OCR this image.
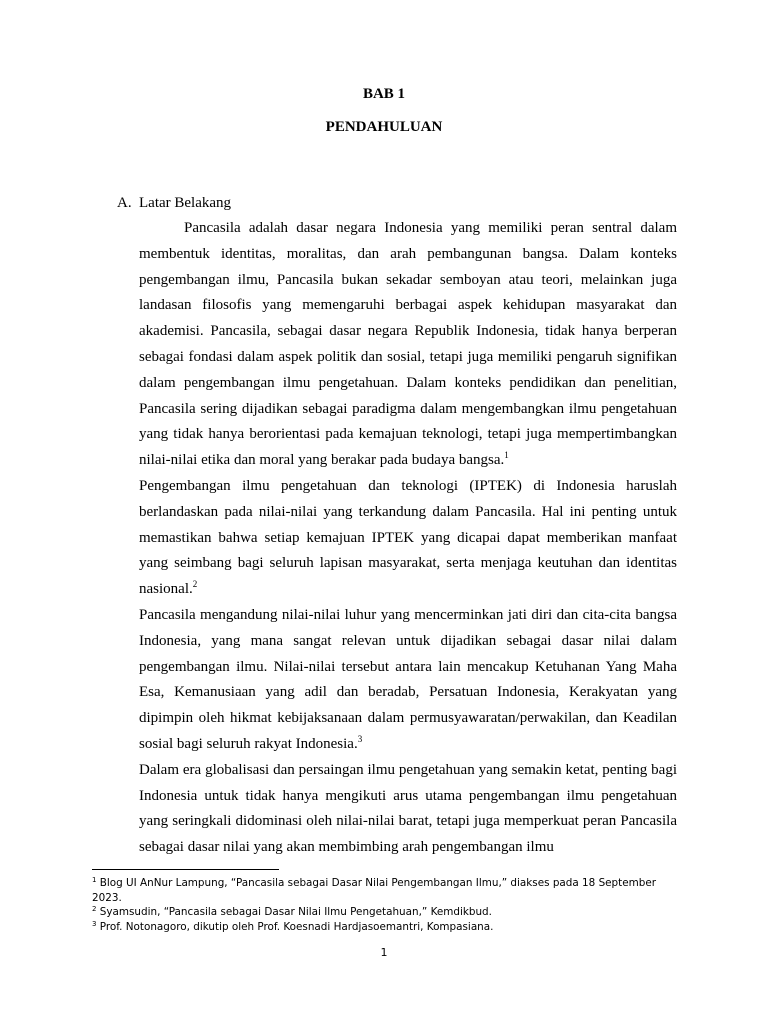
BAB 1
PENDAHULUAN
A. Latar Belakang

Pancasila adalah dasar negara Indonesia yang memiliki peran sentral dalam membentuk identitas, moralitas, dan arah pembangunan bangsa. Dalam konteks pengembangan ilmu, Pancasila bukan sekadar semboyan atau teori, melainkan juga landasan filosofis yang memengaruhi berbagai aspek kehidupan masyarakat dan akademisi. Pancasila, sebagai dasar negara Republik Indonesia, tidak hanya berperan sebagai fondasi dalam aspek politik dan sosial, tetapi juga memiliki pengaruh signifikan dalam pengembangan ilmu pengetahuan. Dalam konteks pendidikan dan penelitian, Pancasila sering dijadikan sebagai paradigma dalam mengembangkan ilmu pengetahuan yang tidak hanya berorientasi pada kemajuan teknologi, tetapi juga mempertimbangkan nilai-nilai etika dan moral yang berakar pada budaya bangsa.$^1$

Pengembangan ilmu pengetahuan dan teknologi (IPTEK) di Indonesia haruslah berlandaskan pada nilai-nilai yang terkandung dalam Pancasila. Hal ini penting untuk memastikan bahwa setiap kemajuan IPTEK yang dicapai dapat memberikan manfaat yang seimbang bagi seluruh lapisan masyarakat, serta menjaga keutuhan dan identitas nasional.$^2$

Pancasila mengandung nilai-nilai luhur yang mencerminkan jati diri dan cita-cita bangsa Indonesia, yang mana sangat relevan untuk dijadikan sebagai dasar nilai dalam pengembangan ilmu. Nilai-nilai tersebut antara lain mencakup Ketuhanan Yang Maha Esa, Kemanusiaan yang adil dan beradab, Persatuan Indonesia, Kerakyatan yang dipimpin oleh hikmat kebijaksanaan dalam permusyawaratan/perwakilan, dan Keadilan sosial bagi seluruh rakyat Indonesia.$^3$

Dalam era globalisasi dan persaingan ilmu pengetahuan yang semakin ketat, penting bagi Indonesia untuk tidak hanya mengikuti arus utama pengembangan ilmu pengetahuan yang seringkali didominasi oleh nilai-nilai barat, tetapi juga memperkuat peran Pancasila sebagai dasar nilai yang akan membimbing arah pengembangan ilmu

$^1$ Blog UI AnNur Lampung, “Pancasila sebagai Dasar Nilai Pengembangan Ilmu,” diakses pada 18 September 2023.

$^2$ Syamsudin, “Pancasila sebagai Dasar Nilai Ilmu Pengetahuan,” Kemdikbud.

$^3$ Prof. Notonagoro, dikutip oleh Prof. Koesnadi Hardjasoemantri, Kompasiana.

1
